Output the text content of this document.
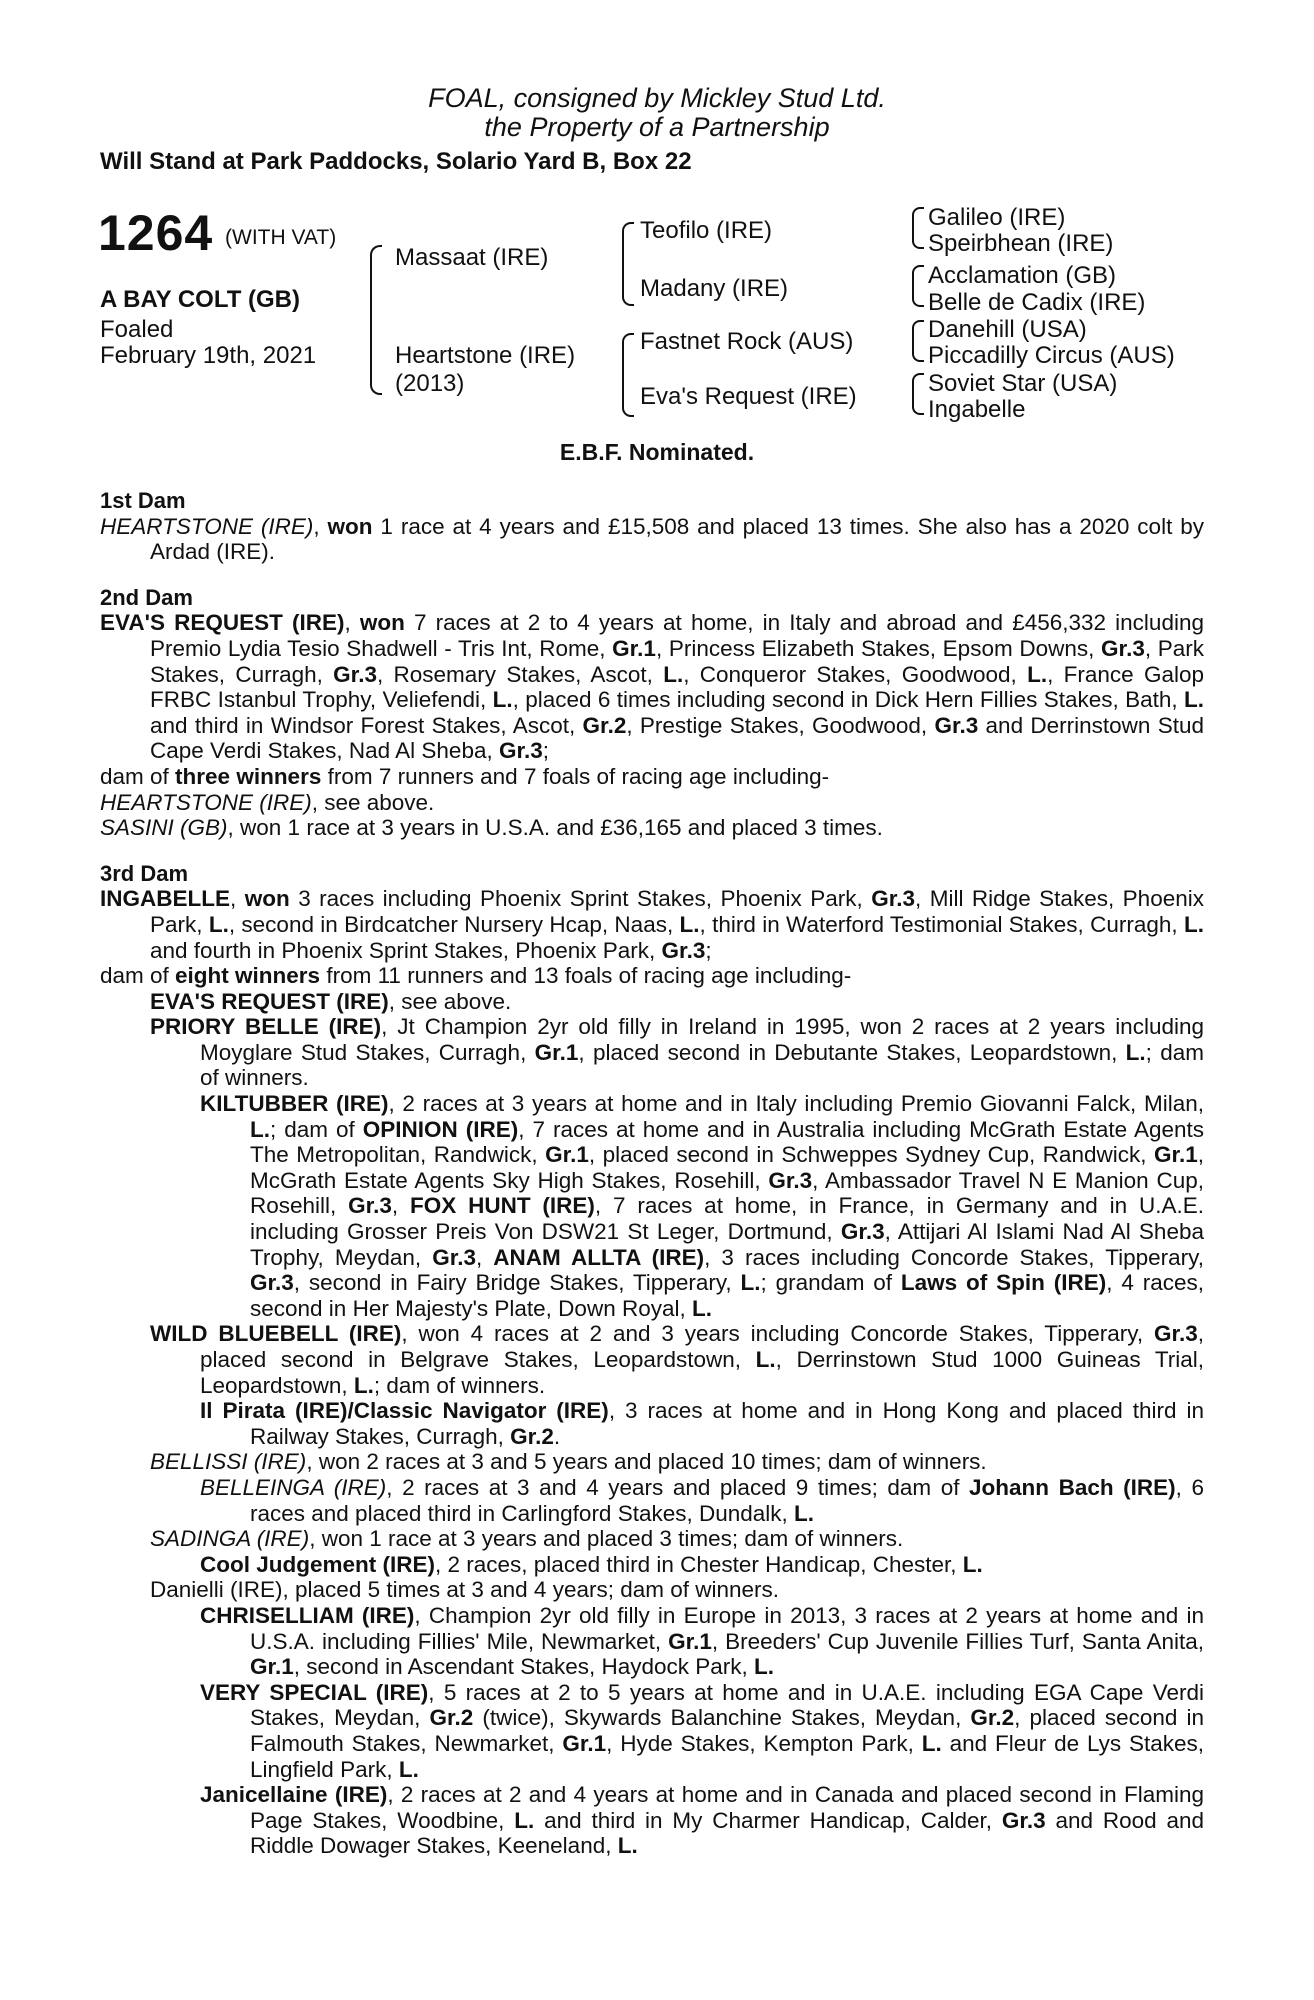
FOAL, consigned by Mickley Stud Ltd.
the Property of a Partnership
Will Stand at Park Paddocks, Solario Yard B, Box 22
1264 (WITH VAT)
A BAY COLT (GB)
Foaled
February 19th, 2021
Massaat (IRE)
Heartstone (IRE)
(2013)
Teofilo (IRE)
Madany (IRE)
Fastnet Rock (AUS)
Eva's Request (IRE)
Galileo (IRE)
Speirbhean (IRE)
Acclamation (GB)
Belle de Cadix (IRE)
Danehill (USA)
Piccadilly Circus (AUS)
Soviet Star (USA)
Ingabelle
E.B.F. Nominated.
1st Dam

HEARTSTONE (IRE), won 1 race at 4 years and £15,508 and placed 13 times. She also has a 2020 colt by Ardad (IRE).

2nd Dam

EVA'S REQUEST (IRE), won 7 races at 2 to 4 years at home, in Italy and abroad and £456,332 including Premio Lydia Tesio Shadwell - Tris Int, Rome, Gr.1, Princess Elizabeth Stakes, Epsom Downs, Gr.3, Park Stakes, Curragh, Gr.3, Rosemary Stakes, Ascot, L., Conqueror Stakes, Goodwood, L., France Galop FRBC Istanbul Trophy, Veliefendi, L., placed 6 times including second in Dick Hern Fillies Stakes, Bath, L. and third in Windsor Forest Stakes, Ascot, Gr.2, Prestige Stakes, Goodwood, Gr.3 and Derrinstown Stud Cape Verdi Stakes, Nad Al Sheba, Gr.3;

dam of three winners from 7 runners and 7 foals of racing age including-

HEARTSTONE (IRE), see above.

SASINI (GB), won 1 race at 3 years in U.S.A. and £36,165 and placed 3 times.

3rd Dam

INGABELLE, won 3 races including Phoenix Sprint Stakes, Phoenix Park, Gr.3, Mill Ridge Stakes, Phoenix Park, L., second in Birdcatcher Nursery Hcap, Naas, L., third in Waterford Testimonial Stakes, Curragh, L. and fourth in Phoenix Sprint Stakes, Phoenix Park, Gr.3;

dam of eight winners from 11 runners and 13 foals of racing age including-

EVA'S REQUEST (IRE), see above.

PRIORY BELLE (IRE), Jt Champion 2yr old filly in Ireland in 1995, won 2 races at 2 years including Moyglare Stud Stakes, Curragh, Gr.1, placed second in Debutante Stakes, Leopardstown, L.; dam of winners.

KILTUBBER (IRE), 2 races at 3 years at home and in Italy including Premio Giovanni Falck, Milan, L.; dam of OPINION (IRE), 7 races at home and in Australia including McGrath Estate Agents The Metropolitan, Randwick, Gr.1, placed second in Schweppes Sydney Cup, Randwick, Gr.1, McGrath Estate Agents Sky High Stakes, Rosehill, Gr.3, Ambassador Travel N E Manion Cup, Rosehill, Gr.3, FOX HUNT (IRE), 7 races at home, in France, in Germany and in U.A.E. including Grosser Preis Von DSW21 St Leger, Dortmund, Gr.3, Attijari Al Islami Nad Al Sheba Trophy, Meydan, Gr.3, ANAM ALLTA (IRE), 3 races including Concorde Stakes, Tipperary, Gr.3, second in Fairy Bridge Stakes, Tipperary, L.; grandam of Laws of Spin (IRE), 4 races, second in Her Majesty's Plate, Down Royal, L.

WILD BLUEBELL (IRE), won 4 races at 2 and 3 years including Concorde Stakes, Tipperary, Gr.3, placed second in Belgrave Stakes, Leopardstown, L., Derrinstown Stud 1000 Guineas Trial, Leopardstown, L.; dam of winners.

Il Pirata (IRE)/Classic Navigator (IRE), 3 races at home and in Hong Kong and placed third in Railway Stakes, Curragh, Gr.2.

BELLISSI (IRE), won 2 races at 3 and 5 years and placed 10 times; dam of winners.

BELLEINGA (IRE), 2 races at 3 and 4 years and placed 9 times; dam of Johann Bach (IRE), 6 races and placed third in Carlingford Stakes, Dundalk, L.

SADINGA (IRE), won 1 race at 3 years and placed 3 times; dam of winners.

Cool Judgement (IRE), 2 races, placed third in Chester Handicap, Chester, L.

Danielli (IRE), placed 5 times at 3 and 4 years; dam of winners.

CHRISELLIAM (IRE), Champion 2yr old filly in Europe in 2013, 3 races at 2 years at home and in U.S.A. including Fillies' Mile, Newmarket, Gr.1, Breeders' Cup Juvenile Fillies Turf, Santa Anita, Gr.1, second in Ascendant Stakes, Haydock Park, L.

VERY SPECIAL (IRE), 5 races at 2 to 5 years at home and in U.A.E. including EGA Cape Verdi Stakes, Meydan, Gr.2 (twice), Skywards Balanchine Stakes, Meydan, Gr.2, placed second in Falmouth Stakes, Newmarket, Gr.1, Hyde Stakes, Kempton Park, L. and Fleur de Lys Stakes, Lingfield Park, L.

Janicellaine (IRE), 2 races at 2 and 4 years at home and in Canada and placed second in Flaming Page Stakes, Woodbine, L. and third in My Charmer Handicap, Calder, Gr.3 and Rood and Riddle Dowager Stakes, Keeneland, L.
